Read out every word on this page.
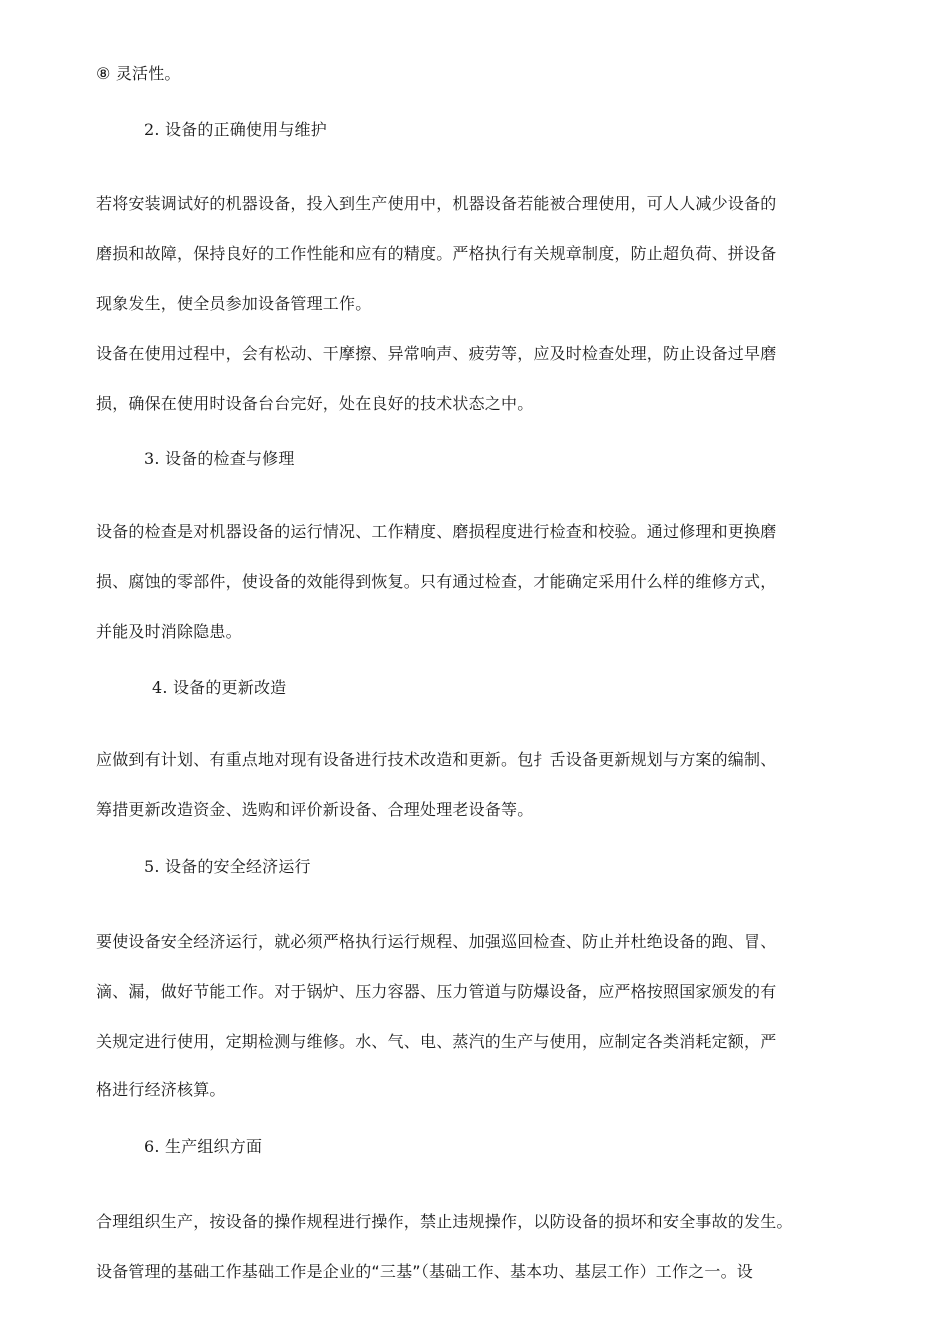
⑧ 灵活性。
2. 设备的正确使用与维护
若将安装调试好的机器设备，投入到生产使用中，机器设备若能被合理使用，可人人减少设备的
磨损和故障，保持良好的工作性能和应有的精度。严格执行有关规章制度，防止超负荷、拼设备
现象发生，使全员参加设备管理工作。
设备在使用过程中，会有松动、干摩擦、异常响声、疲劳等，应及时检查处理，防止设备过早磨
损，确保在使用时设备台台完好，处在良好的技术状态之中。
3. 设备的检查与修理
设备的检查是对机器设备的运行情况、工作精度、磨损程度进行检查和校验。通过修理和更换磨
损、腐蚀的零部件，使设备的效能得到恢复。只有通过检查，才能确定采用什么样的维修方式，
并能及时消除隐患。
4. 设备的更新改造
应做到有计划、有重点地对现有设备进行技术改造和更新。包扌舌设备更新规划与方案的编制、
筹措更新改造资金、选购和评价新设备、合理处理老设备等。
5. 设备的安全经济运行
要使设备安全经济运行，就必须严格执行运行规程、加强巡回检查、防止并杜绝设备的跑、冒、
滴、漏，做好节能工作。对于锅炉、压力容器、压力管道与防爆设备，应严格按照国家颁发的有
关规定进行使用，定期检测与维修。水、气、电、蒸汽的生产与使用，应制定各类消耗定额，严
格进行经济核算。
6. 生产组织方面
合理组织生产，按设备的操作规程进行操作，禁止违规操作，以防设备的损坏和安全事故的发生。
设备管理的基础工作基础工作是企业的“三基”（基础工作、基本功、基层工作）工作之一。设
